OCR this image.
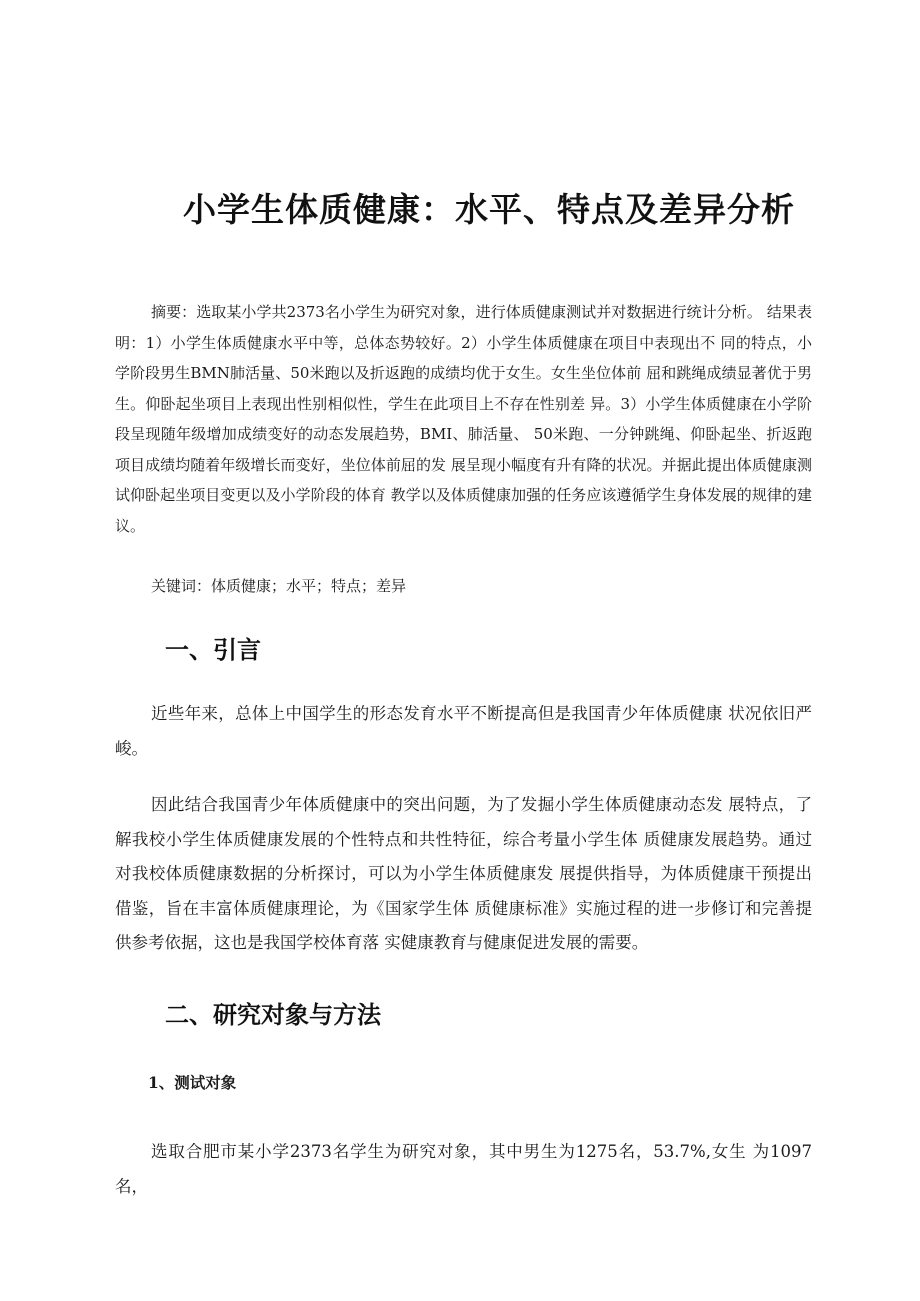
小学生体质健康：水平、特点及差异分析

摘要：选取某小学共2373名小学生为研究对象，进行体质健康测试并对数据进行统计分析。 结果表明：1）小学生体质健康水平中等，总体态势较好。2）小学生体质健康在项目中表现出不 同的特点，小学阶段男生BMN肺活量、50米跑以及折返跑的成绩均优于女生。女生坐位体前 屈和跳绳成绩显著优于男生。仰卧起坐项目上表现出性别相似性，学生在此项目上不存在性别差 异。3）小学生体质健康在小学阶段呈现随年级增加成绩变好的动态发展趋势，BMI、肺活量、 50米跑、一分钟跳绳、仰卧起坐、折返跑项目成绩均随着年级增长而变好，坐位体前屈的发 展呈现小幅度有升有降的状况。并据此提出体质健康测试仰卧起坐项目变更以及小学阶段的体育 教学以及体质健康加强的任务应该遵循学生身体发展的规律的建议。

关键词：体质健康；水平；特点；差异

一、引言

近些年来，总体上中国学生的形态发育水平不断提高但是我国青少年体质健康 状况依旧严峻。

因此结合我国青少年体质健康中的突出问题，为了发掘小学生体质健康动态发 展特点，了解我校小学生体质健康发展的个性特点和共性特征，综合考量小学生体 质健康发展趋势。通过对我校体质健康数据的分析探讨，可以为小学生体质健康发 展提供指导，为体质健康干预提出借鉴，旨在丰富体质健康理论，为《国家学生体 质健康标准》实施过程的进一步修订和完善提供参考依据，这也是我国学校体育落 实健康教育与健康促进发展的需要。

二、研究对象与方法
1、测试对象

选取合肥市某小学2373名学生为研究对象，其中男生为1275名，53.7%,女生 为1097名，
